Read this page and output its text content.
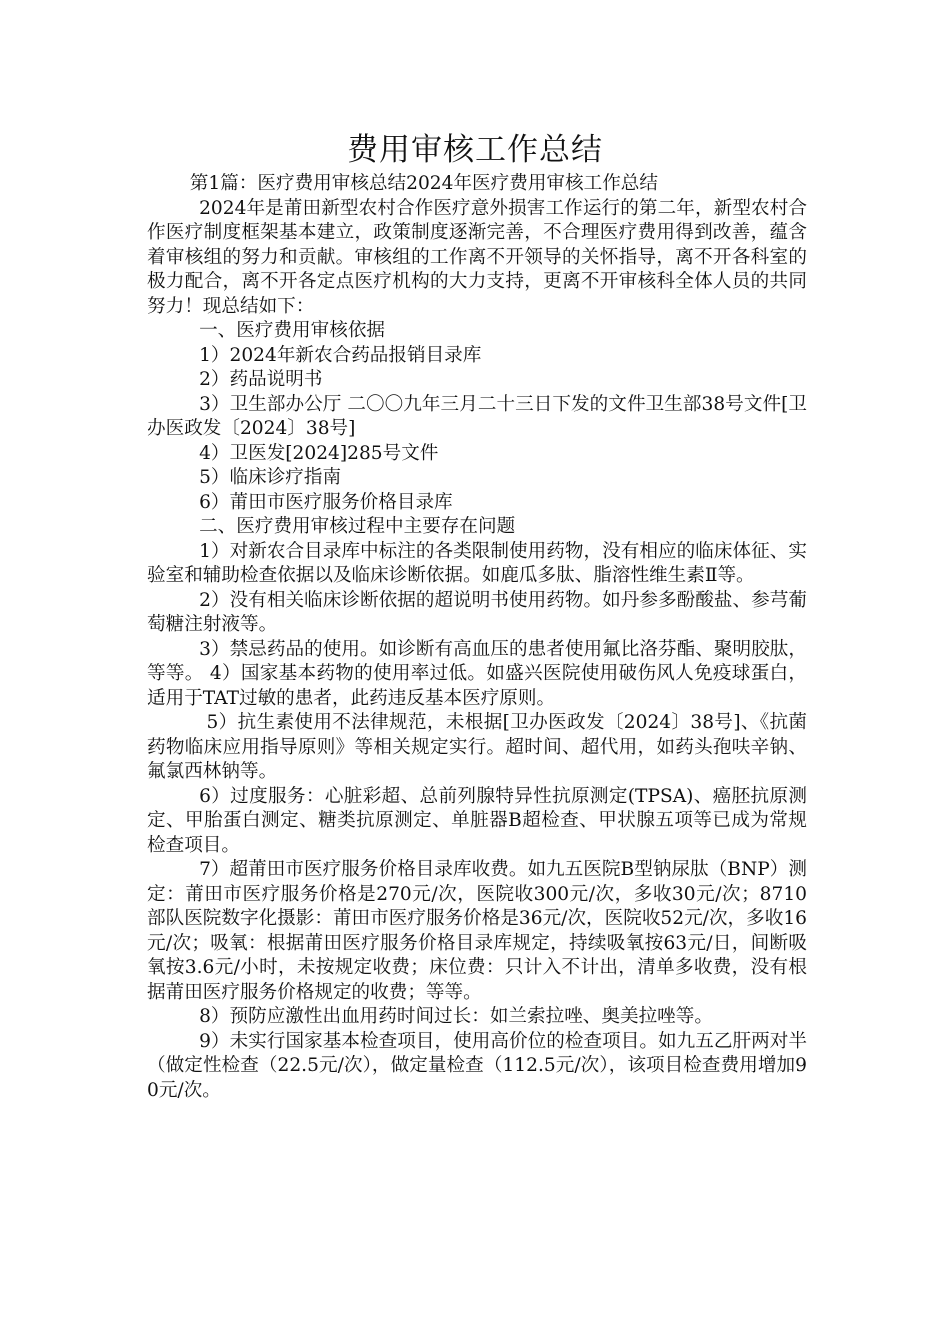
费用审核工作总结

第1篇：医疗费用审核总结2024年医疗费用审核工作总结

2024年是莆田新型农村合作医疗意外损害工作运行的第二年，新型农村合作医疗制度框架基本建立，政策制度逐渐完善，不合理医疗费用得到改善，蕴含着审核组的努力和贡献。审核组的工作离不开领导的关怀指导，离不开各科室的极力配合，离不开各定点医疗机构的大力支持，更离不开审核科全体人员的共同努力！现总结如下：

一、医疗费用审核依据

1）2024年新农合药品报销目录库

2）药品说明书

3）卫生部办公厅 二〇〇九年三月二十三日下发的文件卫生部38号文件[卫办医政发〔2024〕38号]

4）卫医发[2024]285号文件

5）临床诊疗指南

6）莆田市医疗服务价格目录库

二、医疗费用审核过程中主要存在问题

1）对新农合目录库中标注的各类限制使用药物，没有相应的临床体征、实验室和辅助检查依据以及临床诊断依据。如鹿瓜多肽、脂溶性维生素Ⅱ等。

2）没有相关临床诊断依据的超说明书使用药物。如丹参多酚酸盐、参芎葡萄糖注射液等。

3）禁忌药品的使用。如诊断有高血压的患者使用氟比洛芬酯、聚明胶肽，等等。 4）国家基本药物的使用率过低。如盛兴医院使用破伤风人免疫球蛋白，适用于TAT过敏的患者，此药违反基本医疗原则。

5）抗生素使用不法律规范，未根据[卫办医政发〔2024〕38号]、《抗菌药物临床应用指导原则》等相关规定实行。超时间、超代用，如药头孢呋辛钠、氟氯西林钠等。

6）过度服务：心脏彩超、总前列腺特异性抗原测定(TPSA)、癌胚抗原测定、甲胎蛋白测定、糖类抗原测定、单脏器B超检查、甲状腺五项等已成为常规检查项目。

7）超莆田市医疗服务价格目录库收费。如九五医院B型钠尿肽（BNP）测定：莆田市医疗服务价格是270元/次，医院收300元/次，多收30元/次；8710部队医院数字化摄影：莆田市医疗服务价格是36元/次，医院收52元/次，多收16元/次；吸氧：根据莆田医疗服务价格目录库规定，持续吸氧按63元/日，间断吸氧按3.6元/小时，未按规定收费；床位费：只计入不计出，清单多收费，没有根据莆田医疗服务价格规定的收费；等等。

8）预防应激性出血用药时间过长：如兰索拉唑、奥美拉唑等。

9）未实行国家基本检查项目，使用高价位的检查项目。如九五乙肝两对半（做定性检查（22.5元/次），做定量检查（112.5元/次），该项目检查费用增加90元/次。
